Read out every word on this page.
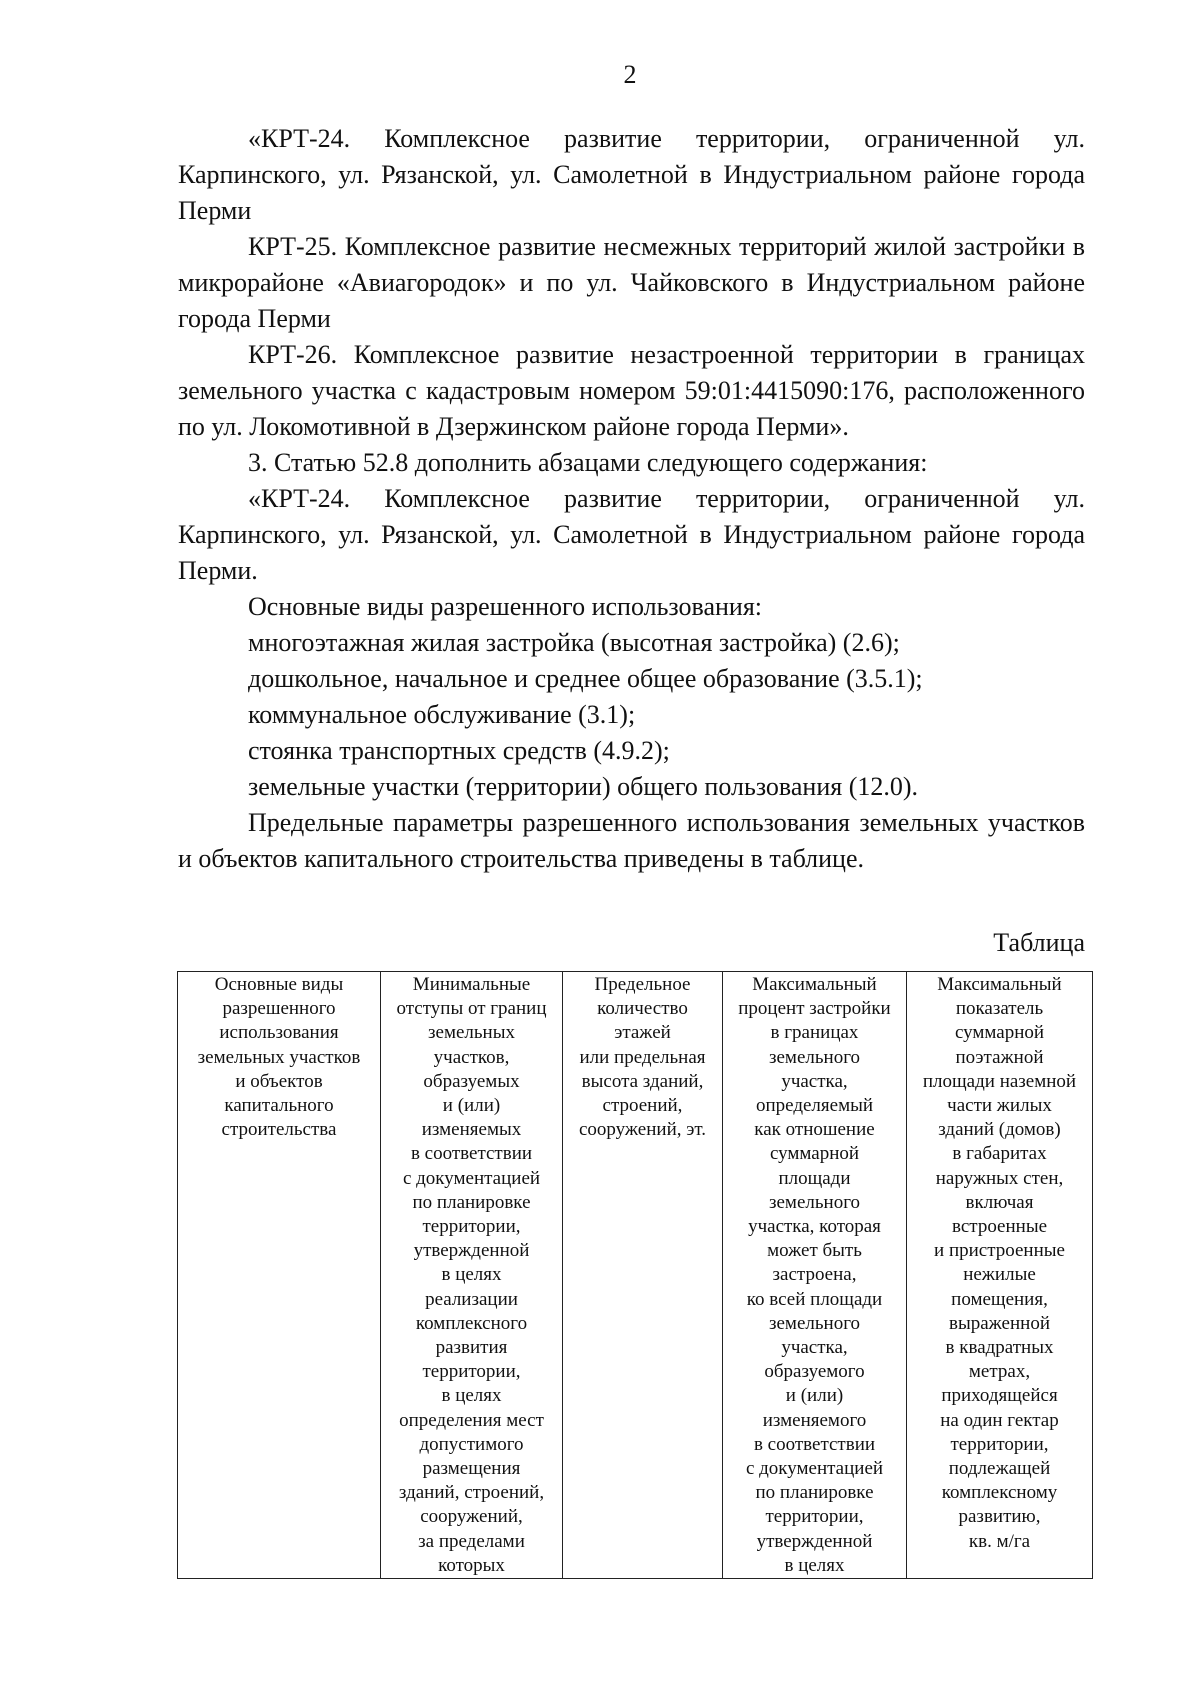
2

«КРТ-24. Комплексное развитие территории, ограниченной ул. Карпинского, ул. Рязанской, ул. Самолетной в Индустриальном районе города Перми

КРТ-25. Комплексное развитие несмежных территорий жилой застройки в микрорайоне «Авиагородок» и по ул. Чайковского в Индустриальном районе города Перми

КРТ-26. Комплексное развитие незастроенной территории в границах земельного участка с кадастровым номером 59:01:4415090:176, расположенного по ул. Локомотивной в Дзержинском районе города Перми».

3. Статью 52.8 дополнить абзацами следующего содержания:

«КРТ-24. Комплексное развитие территории, ограниченной ул. Карпинского, ул. Рязанской, ул. Самолетной в Индустриальном районе города Перми.

Основные виды разрешенного использования:

многоэтажная жилая застройка (высотная застройка) (2.6);

дошкольное, начальное и среднее общее образование (3.5.1);

коммунальное обслуживание (3.1);

стоянка транспортных средств (4.9.2);

земельные участки (территории) общего пользования (12.0).

Предельные параметры разрешенного использования земельных участков и объектов капитального строительства приведены в таблице.

Таблица
Основные виды
разрешенного
использования
земельных участков
и объектов
капитального
строительства	Минимальные
отступы от границ
земельных
участков,
образуемых
и (или)
изменяемых
в соответствии
с документацией
по планировке
территории,
утвержденной
в целях
реализации
комплексного
развития
территории,
в целях
определения мест
допустимого
размещения
зданий, строений,
сооружений,
за пределами
которых	Предельное
количество
этажей
или предельная
высота зданий,
строений,
сооружений, эт.	Максимальный
процент застройки
в границах
земельного
участка,
определяемый
как отношение
суммарной
площади
земельного
участка, которая
может быть
застроена,
ко всей площади
земельного
участка,
образуемого
и (или)
изменяемого
в соответствии
с документацией
по планировке
территории,
утвержденной
в целях	Максимальный
показатель
суммарной
поэтажной
площади наземной
части жилых
зданий (домов)
в габаритах
наружных стен,
включая
встроенные
и пристроенные
нежилые
помещения,
выраженной
в квадратных
метрах,
приходящейся
на один гектар
территории,
подлежащей
комплексному
развитию,
кв. м/га
